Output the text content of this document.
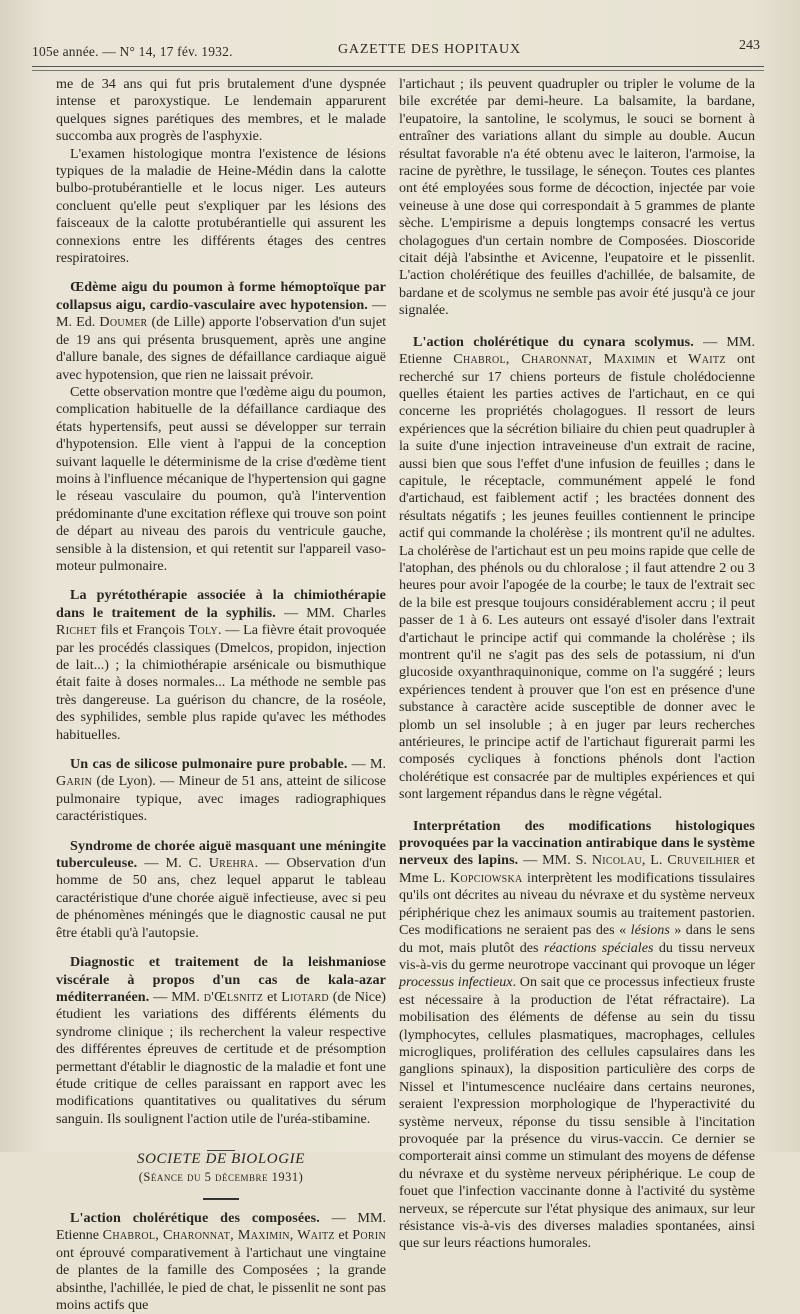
105e année. — N° 14, 17 fév. 1932.	GAZETTE DES HOPITAUX	243

me de 34 ans qui fut pris brutalement d'une dyspnée intense et paroxystique. Le lendemain apparurent quelques signes parétiques des membres, et le malade succomba aux progrès de l'asphyxie.

L'examen histologique montra l'existence de lésions typiques de la maladie de Heine-Médin dans la calotte bulbo-protubérantielle et le locus niger. Les auteurs concluent qu'elle peut s'expliquer par les lésions des faisceaux de la calotte protubérantielle qui assurent les connexions entre les différents étages des centres respiratoires.

Œdème aigu du poumon à forme hémoptoïque par collapsus aigu, cardio-vasculaire avec hypotension. — M. Ed. Doumer (de Lille) apporte l'observation d'un sujet de 19 ans qui présenta brusquement, après une angine d'allure banale, des signes de défaillance cardiaque aiguë avec hypotension, que rien ne laissait prévoir.

Cette observation montre que l'œdème aigu du poumon, complication habituelle de la défaillance cardiaque des états hypertensifs, peut aussi se développer sur terrain d'hypotension. Elle vient à l'appui de la conception suivant laquelle le déterminisme de la crise d'œdème tient moins à l'influence mécanique de l'hypertension qui gagne le réseau vasculaire du poumon, qu'à l'intervention prédominante d'une excitation réflexe qui trouve son point de départ au niveau des parois du ventricule gauche, sensible à la distension, et qui retentit sur l'appareil vaso-moteur pulmonaire.

La pyrétothérapie associée à la chimiothérapie dans le traitement de la syphilis. — MM. Charles Richet fils et François Toly. — La fièvre était provoquée par les procédés classiques (Dmelcos, propidon, injection de lait...) ; la chimiothérapie arsénicale ou bismuthique était faite à doses normales... La méthode ne semble pas très dangereuse. La guérison du chancre, de la roséole, des syphilides, semble plus rapide qu'avec les méthodes habituelles.

Un cas de silicose pulmonaire pure probable. — M. Garin (de Lyon). — Mineur de 51 ans, atteint de silicose pulmonaire typique, avec images radiographiques caractéristiques.

Syndrome de chorée aiguë masquant une méningite tuberculeuse. — M. C. Urehra. — Observation d'un homme de 50 ans, chez lequel apparut le tableau caractéristique d'une chorée aiguë infectieuse, avec si peu de phénomènes méningés que le diagnostic causal ne put être établi qu'à l'autopsie.

Diagnostic et traitement de la leishmaniose viscérale à propos d'un cas de kala-azar méditerranéen. — MM. d'Œlsnitz et Liotard (de Nice) étudient les variations des différents éléments du syndrome clinique ; ils recherchent la valeur respective des différentes épreuves de certitude et de présomption permettant d'établir le diagnostic de la maladie et font une étude critique de celles paraissant en rapport avec les modifications quantitatives ou qualitatives du sérum sanguin. Ils soulignent l'action utile de l'uréa-stibamine.

SOCIETE DE BIOLOGIE

(Séance du 5 décembre 1931)

L'action cholérétique des composées. — MM. Etienne Chabrol, Charonnat, Maximin, Waitz et Porin ont éprouvé comparativement à l'artichaut une vingtaine de plantes de la famille des Composées ; la grande absinthe, l'achillée, le pied de chat, le pissenlit ne sont pas moins actifs que

l'artichaut ; ils peuvent quadrupler ou tripler le volume de la bile excrétée par demi-heure. La balsamite, la bardane, l'eupatoire, la santoline, le scolymus, le souci se bornent à entraîner des variations allant du simple au double. Aucun résultat favorable n'a été obtenu avec le laiteron, l'armoise, la racine de pyrèthre, le tussilage, le séneçon. Toutes ces plantes ont été employées sous forme de décoction, injectée par voie veineuse à une dose qui correspondait à 5 grammes de plante sèche. L'empirisme a depuis longtemps consacré les vertus cholagogues d'un certain nombre de Composées. Dioscoride citait déjà l'absinthe et Avicenne, l'eupatoire et le pissenlit. L'action cholérétique des feuilles d'achillée, de balsamite, de bardane et de scolymus ne semble pas avoir été jusqu'à ce jour signalée.

L'action cholérétique du cynara scolymus. — MM. Etienne Chabrol, Charonnat, Maximin et Waitz ont recherché sur 17 chiens porteurs de fistule cholédocienne quelles étaient les parties actives de l'artichaut, en ce qui concerne les propriétés cholagogues. Il ressort de leurs expériences que la sécrétion biliaire du chien peut quadrupler à la suite d'une injection intraveineuse d'un extrait de racine, aussi bien que sous l'effet d'une infusion de feuilles ; dans le capitule, le réceptacle, communément appelé le fond d'artichaud, est faiblement actif ; les bractées donnent des résultats négatifs ; les jeunes feuilles contiennent le principe actif qui commande la cholérèse ; ils montrent qu'il ne adultes. La cholérèse de l'artichaut est un peu moins rapide que celle de l'atophan, des phénols ou du chloralose ; il faut attendre 2 ou 3 heures pour avoir l'apogée de la courbe; le taux de l'extrait sec de la bile est presque toujours considérablement accru ; il peut passer de 1 à 6. Les auteurs ont essayé d'isoler dans l'extrait d'artichaut le principe actif qui commande la cholérèse ; ils montrent qu'il ne s'agit pas des sels de potassium, ni d'un glucoside oxyanthraquinonique, comme on l'a suggéré ; leurs expériences tendent à prouver que l'on est en présence d'une substance à caractère acide susceptible de donner avec le plomb un sel insoluble ; à en juger par leurs recherches antérieures, le principe actif de l'artichaut figurerait parmi les composés cycliques à fonctions phénols dont l'action cholérétique est consacrée par de multiples expériences et qui sont largement répandus dans le règne végétal.

Interprétation des modifications histologiques provoquées par la vaccination antirabique dans le système nerveux des lapins. — MM. S. Nicolau, L. Cruveilhier et Mme L. Kopciowska interprètent les modifications tissulaires qu'ils ont décrites au niveau du névraxe et du système nerveux périphérique chez les animaux soumis au traitement pastorien. Ces modifications ne seraient pas des « lésions » dans le sens du mot, mais plutôt des réactions spéciales du tissu nerveux vis-à-vis du germe neurotrope vaccinant qui provoque un léger processus infectieux. On sait que ce processus infectieux fruste est nécessaire à la production de l'état réfractaire). La mobilisation des éléments de défense au sein du tissu (lymphocytes, cellules plasmatiques, macrophages, cellules microgliques, prolifération des cellules capsulaires dans les ganglions spinaux), la disposition particulière des corps de Nissel et l'intumescence nucléaire dans certains neurones, seraient l'expression morphologique de l'hyperactivité du système nerveux, réponse du tissu sensible à l'incitation provoquée par la présence du virus-vaccin. Ce dernier se comporterait ainsi comme un stimulant des moyens de défense du névraxe et du système nerveux périphérique. Le coup de fouet que l'infection vaccinante donne à l'activité du système nerveux, se répercute sur l'état physique des animaux, sur leur résistance vis-à-vis des diverses maladies spontanées, ainsi que sur leurs réactions humorales.
